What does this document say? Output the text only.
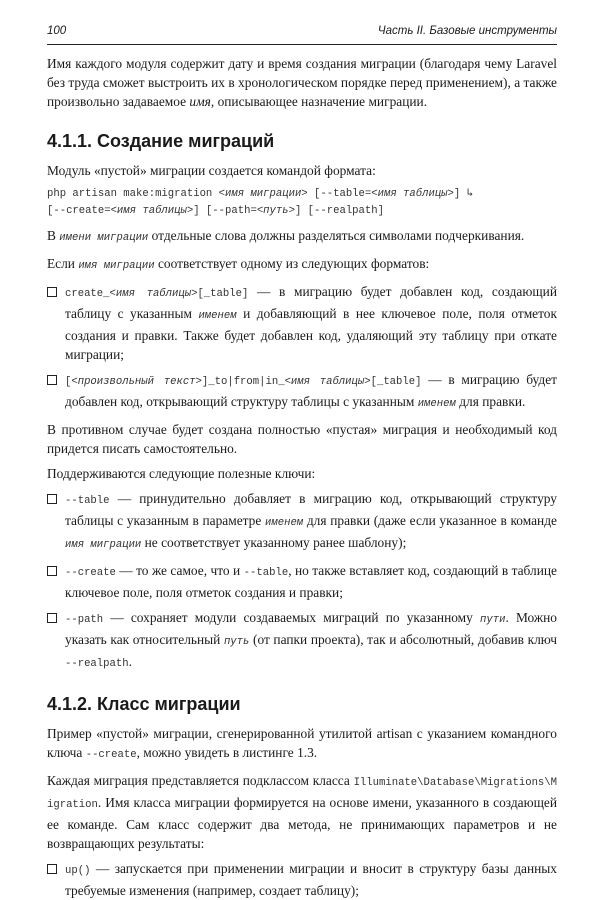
100	Часть II. Базовые инструменты

Имя каждого модуля содержит дату и время создания миграции (благодаря чему Laravel без труда сможет выстроить их в хронологическом порядке перед применением), а также произвольно задаваемое имя, описывающее назначение миграции.

4.1.1. Создание миграций

Модуль «пустой» миграции создается командой формата:

php artisan make:migration <имя миграции> [--table=<имя таблицы>] ↳
[--create=<имя таблицы>] [--path=<путь>] [--realpath]

В имени миграции отдельные слова должны разделяться символами подчеркивания.

Если имя миграции соответствует одному из следующих форматов:

create_<имя таблицы>[_table] — в миграцию будет добавлен код, создающий таблицу с указанным именем и добавляющий в нее ключевое поле, поля отметок создания и правки. Также будет добавлен код, удаляющий эту таблицу при откате миграции;
[<произвольный текст>]_to|from|in_<имя таблицы>[_table] — в миграцию будет добавлен код, открывающий структуру таблицы с указанным именем для правки.

В противном случае будет создана полностью «пустая» миграция и необходимый код придется писать самостоятельно.

Поддерживаются следующие полезные ключи:

--table — принудительно добавляет в миграцию код, открывающий структуру таблицы с указанным в параметре именем для правки (даже если указанное в команде имя миграции не соответствует указанному ранее шаблону);
--create — то же самое, что и --table, но также вставляет код, создающий в таблице ключевое поле, поля отметок создания и правки;
--path — сохраняет модули создаваемых миграций по указанному пути. Можно указать как относительный путь (от папки проекта), так и абсолютный, добавив ключ --realpath.
4.1.2. Класс миграции

Пример «пустой» миграции, сгенерированной утилитой artisan с указанием командного ключа --create, можно увидеть в листинге 1.3.

Каждая миграция представляется подклассом класса Illuminate\Database\Migrations\Migration. Имя класса миграции формируется на основе имени, указанного в создающей ее команде. Сам класс содержит два метода, не принимающих параметров и не возвращающих результаты:

up() — запускается при применении миграции и вносит в структуру базы данных требуемые изменения (например, создает таблицу);
